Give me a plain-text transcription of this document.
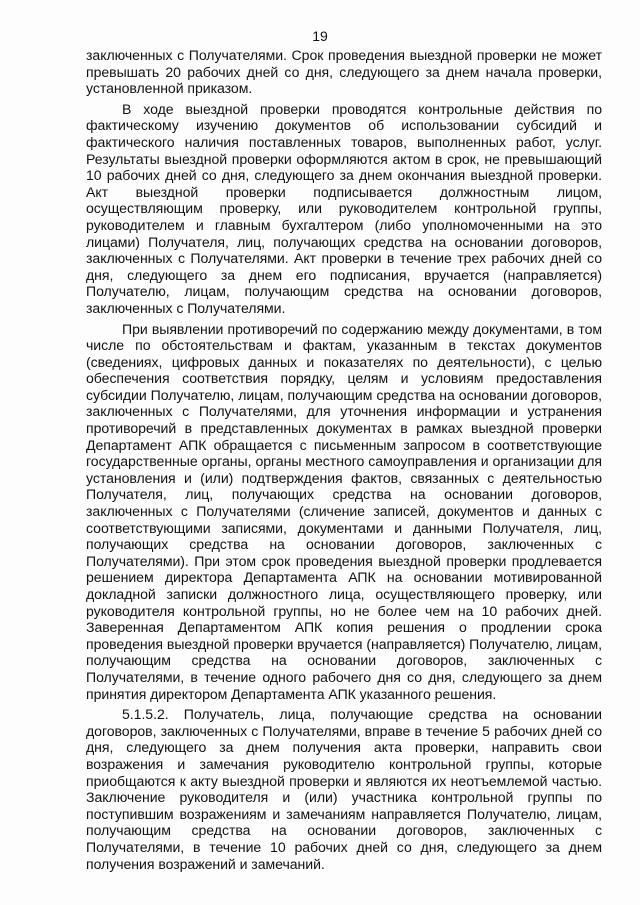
19

заключенных с Получателями. Срок проведения выездной проверки не может превышать 20 рабочих дней со дня, следующего за днем начала проверки, установленной приказом.

В ходе выездной проверки проводятся контрольные действия по фактическому изучению документов об использовании субсидий и фактического наличия поставленных товаров, выполненных работ, услуг. Результаты выездной проверки оформляются актом в срок, не превышающий 10 рабочих дней со дня, следующего за днем окончания выездной проверки. Акт выездной проверки подписывается должностным лицом, осуществляющим проверку, или руководителем контрольной группы, руководителем и главным бухгалтером (либо уполномоченными на это лицами) Получателя, лиц, получающих средства на основании договоров, заключенных с Получателями. Акт проверки в течение трех рабочих дней со дня, следующего за днем его подписания, вручается (направляется) Получателю, лицам, получающим средства на основании договоров, заключенных с Получателями.

При выявлении противоречий по содержанию между документами, в том числе по обстоятельствам и фактам, указанным в текстах документов (сведениях, цифровых данных и показателях по деятельности), с целью обеспечения соответствия порядку, целям и условиям предоставления субсидии Получателю, лицам, получающим средства на основании договоров, заключенных с Получателями, для уточнения информации и устранения противоречий в представленных документах в рамках выездной проверки Департамент АПК обращается с письменным запросом в соответствующие государственные органы, органы местного самоуправления и организации для установления и (или) подтверждения фактов, связанных с деятельностью Получателя, лиц, получающих средства на основании договоров, заключенных с Получателями (сличение записей, документов и данных с соответствующими записями, документами и данными Получателя, лиц, получающих средства на основании договоров, заключенных с Получателями). При этом срок проведения выездной проверки продлевается решением директора Департамента АПК на основании мотивированной докладной записки должностного лица, осуществляющего проверку, или руководителя контрольной группы, но не более чем на 10 рабочих дней. Заверенная Департаментом АПК копия решения о продлении срока проведения выездной проверки вручается (направляется) Получателю, лицам, получающим средства на основании договоров, заключенных с Получателями, в течение одного рабочего дня со дня, следующего за днем принятия директором Департамента АПК указанного решения.

5.1.5.2. Получатель, лица, получающие средства на основании договоров, заключенных с Получателями, вправе в течение 5 рабочих дней со дня, следующего за днем получения акта проверки, направить свои возражения и замечания руководителю контрольной группы, которые приобщаются к акту выездной проверки и являются их неотъемлемой частью. Заключение руководителя и (или) участника контрольной группы по поступившим возражениям и замечаниям направляется Получателю, лицам, получающим средства на основании договоров, заключенных с Получателями, в течение 10 рабочих дней со дня, следующего за днем получения возражений и замечаний.
